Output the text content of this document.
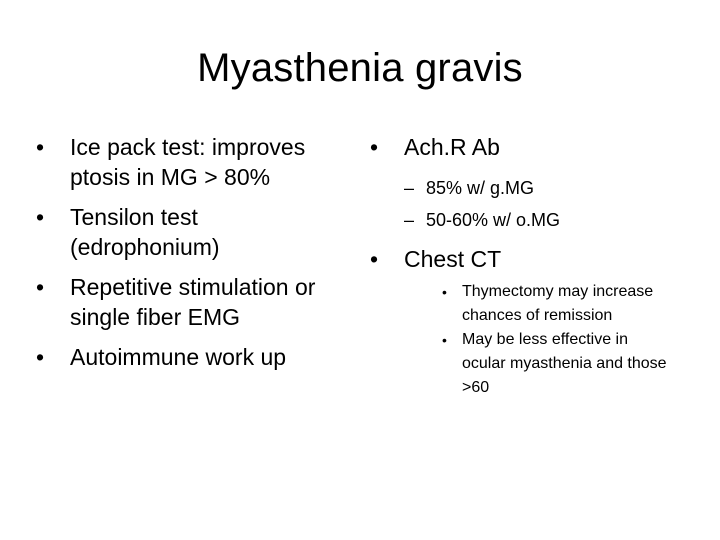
Myasthenia gravis
•	Ice pack test: improves ptosis in MG > 80%
•	Tensilon test (edrophonium)
•	Repetitive stimulation or single fiber EMG
•	Autoimmune work up
•	Ach.R Ab
– 85% w/ g.MG
– 50-60% w/ o.MG
•	Chest CT
• Thymectomy may increase chances of remission
• May be less effective in ocular myasthenia and those >60
